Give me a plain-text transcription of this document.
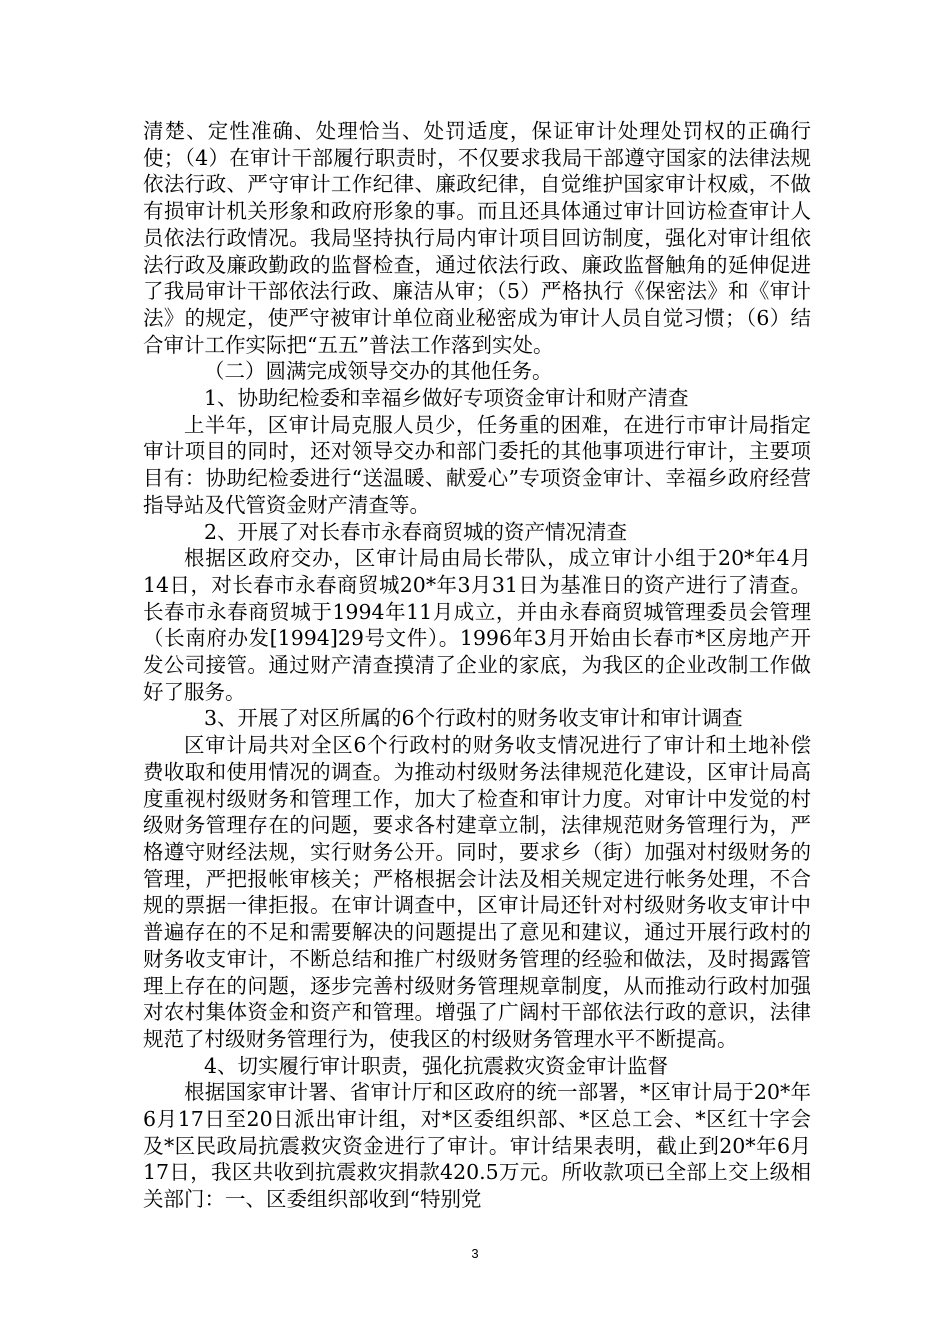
清楚、定性准确、处理恰当、处罚适度，保证审计处理处罚权的正确行使；（4）在审计干部履行职责时，不仅要求我局干部遵守国家的法律法规依法行政、严守审计工作纪律、廉政纪律，自觉维护国家审计权威，不做有损审计机关形象和政府形象的事。而且还具体通过审计回访检查审计人员依法行政情况。我局坚持执行局内审计项目回访制度，强化对审计组依法行政及廉政勤政的监督检查，通过依法行政、廉政监督触角的延伸促进了我局审计干部依法行政、廉洁从审；（5）严格执行《保密法》和《审计法》的规定，使严守被审计单位商业秘密成为审计人员自觉习惯；（6）结合审计工作实际把“五五”普法工作落到实处。

（二）圆满完成领导交办的其他任务。

1、协助纪检委和幸福乡做好专项资金审计和财产清查

上半年，区审计局克服人员少，任务重的困难，在进行市审计局指定审计项目的同时，还对领导交办和部门委托的其他事项进行审计，主要项目有：协助纪检委进行“送温暖、献爱心”专项资金审计、幸福乡政府经营指导站及代管资金财产清查等。

2、开展了对长春市永春商贸城的资产情况清查

根据区政府交办，区审计局由局长带队，成立审计小组于20*年4月14日，对长春市永春商贸城20*年3月31日为基准日的资产进行了清查。长春市永春商贸城于1994年11月成立，并由永春商贸城管理委员会管理（长南府办发[1994]29号文件）。1996年3月开始由长春市*区房地产开发公司接管。通过财产清查摸清了企业的家底，为我区的企业改制工作做好了服务。

3、开展了对区所属的6个行政村的财务收支审计和审计调查

区审计局共对全区6个行政村的财务收支情况进行了审计和土地补偿费收取和使用情况的调查。为推动村级财务法律规范化建设，区审计局高度重视村级财务和管理工作，加大了检查和审计力度。对审计中发觉的村级财务管理存在的问题，要求各村建章立制，法律规范财务管理行为，严格遵守财经法规，实行财务公开。同时，要求乡（街）加强对村级财务的管理，严把报帐审核关；严格根据会计法及相关规定进行帐务处理，不合规的票据一律拒报。在审计调查中，区审计局还针对村级财务收支审计中普遍存在的不足和需要解决的问题提出了意见和建议，通过开展行政村的财务收支审计，不断总结和推广村级财务管理的经验和做法，及时揭露管理上存在的问题，逐步完善村级财务管理规章制度，从而推动行政村加强对农村集体资金和资产和管理。增强了广阔村干部依法行政的意识，法律规范了村级财务管理行为，使我区的村级财务管理水平不断提高。

4、切实履行审计职责，强化抗震救灾资金审计监督

根据国家审计署、省审计厅和区政府的统一部署，*区审计局于20*年6月17日至20日派出审计组，对*区委组织部、*区总工会、*区红十字会及*区民政局抗震救灾资金进行了审计。审计结果表明，截止到20*年6月17日，我区共收到抗震救灾捐款420.5万元。所收款项已全部上交上级相关部门：一、区委组织部收到“特别党

3
